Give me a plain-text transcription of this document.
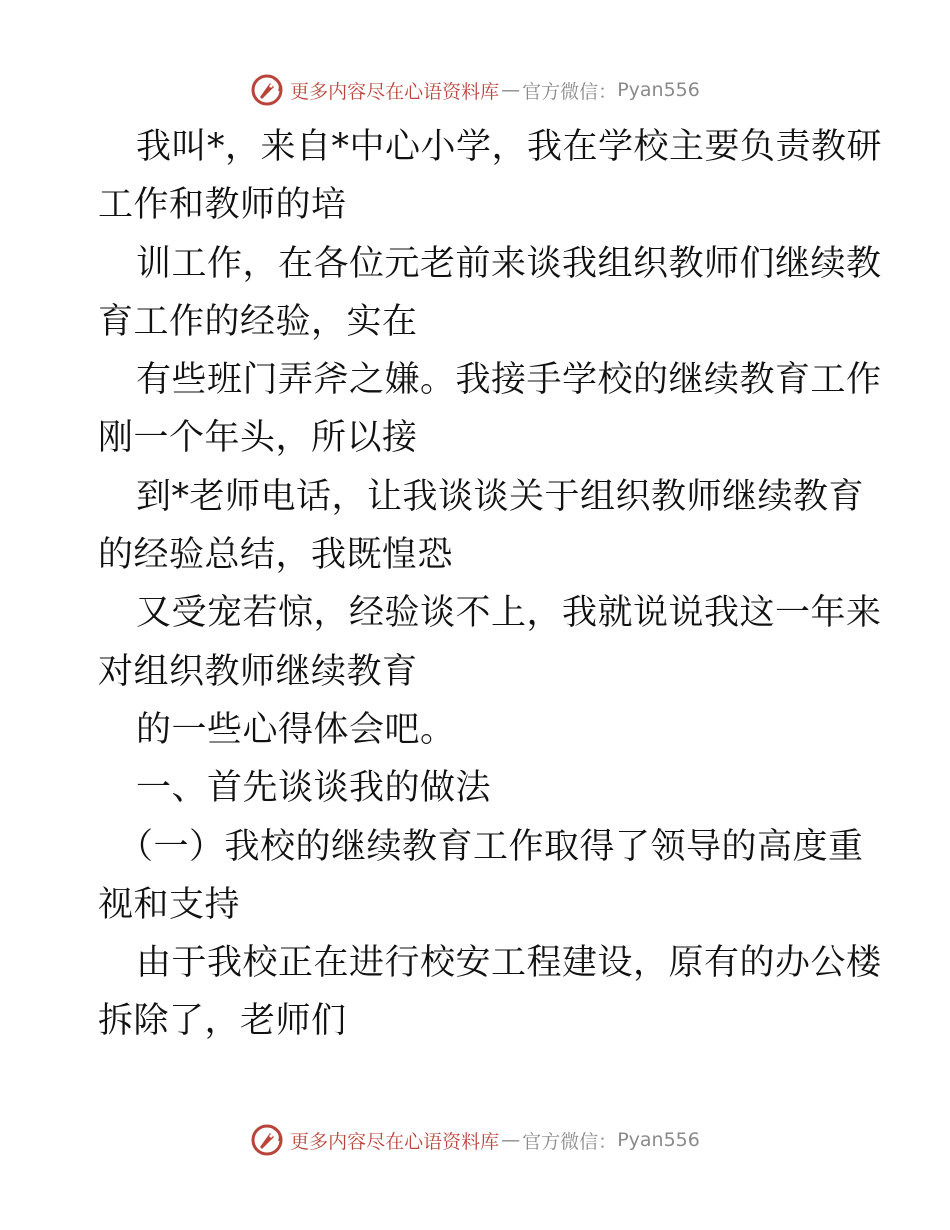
更多内容尽在心语资料库 — 官方微信： Pyan556
我叫*，来自*中心小学，我在学校主要负责教研
工作和教师的培
训工作，在各位元老前来谈我组织教师们继续教
育工作的经验，实在
有些班门弄斧之嫌。我接手学校的继续教育工作
刚一个年头，所以接
到*老师电话，让我谈谈关于组织教师继续教育
的经验总结，我既惶恐
又受宠若惊，经验谈不上，我就说说我这一年来
对组织教师继续教育
的一些心得体会吧。
一、首先谈谈我的做法
（一）我校的继续教育工作取得了领导的高度重
视和支持
由于我校正在进行校安工程建设，原有的办公楼
拆除了，老师们
更多内容尽在心语资料库 — 官方微信： Pyan556
